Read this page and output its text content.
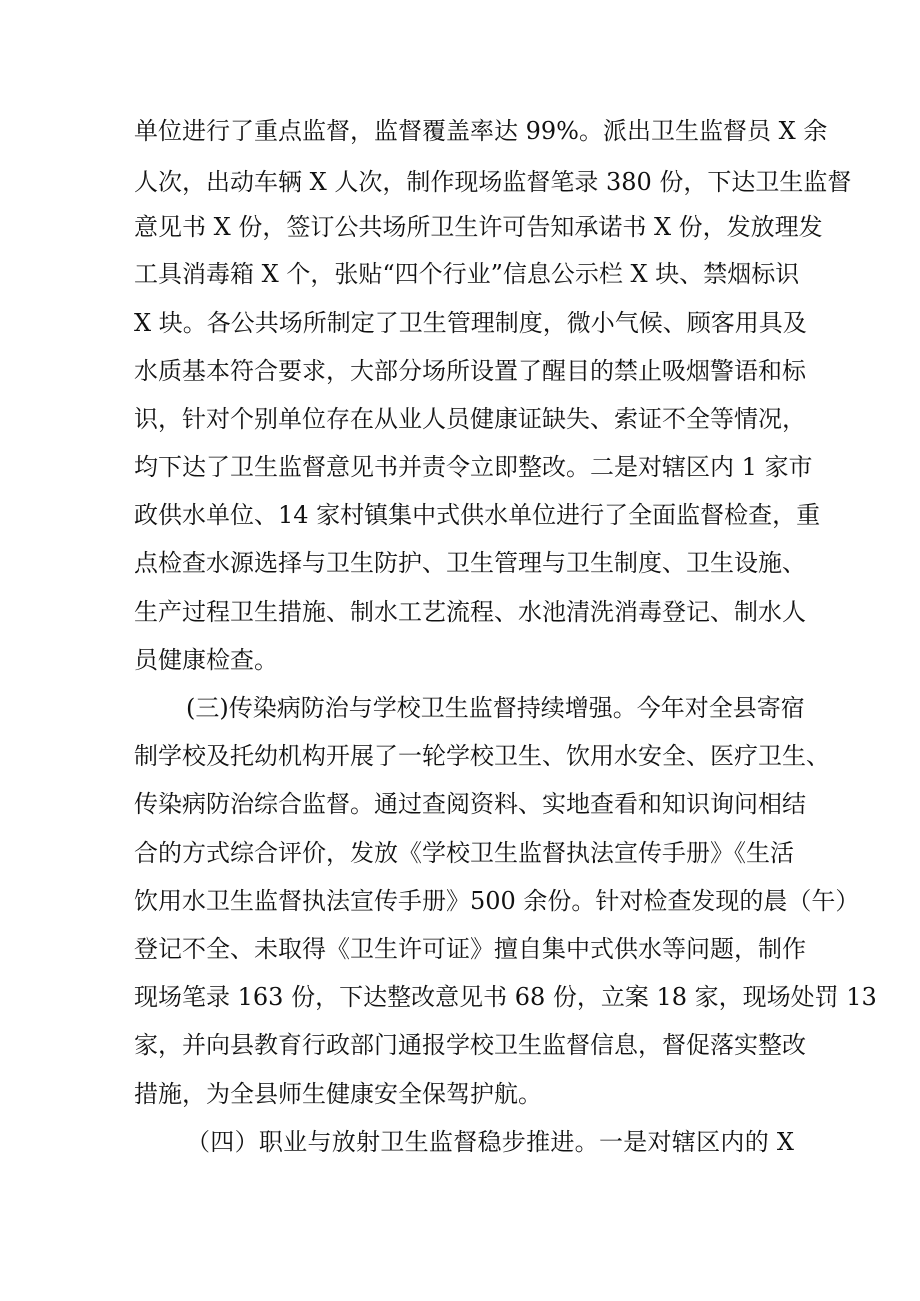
单位进行了重点监督，监督覆盖率达 99%。派出卫生监督员 X 余
人次，出动车辆 X 人次，制作现场监督笔录 380 份，下达卫生监督
意见书 X 份，签订公共场所卫生许可告知承诺书 X 份，发放理发
工具消毒箱 X 个，张贴“四个行业”信息公示栏 X 块、禁烟标识
X 块。各公共场所制定了卫生管理制度，微小气候、顾客用具及
水质基本符合要求，大部分场所设置了醒目的禁止吸烟警语和标
识，针对个别单位存在从业人员健康证缺失、索证不全等情况，
均下达了卫生监督意见书并责令立即整改。二是对辖区内 1 家市
政供水单位、14 家村镇集中式供水单位进行了全面监督检查，重
点检查水源选择与卫生防护、卫生管理与卫生制度、卫生设施、
生产过程卫生措施、制水工艺流程、水池清洗消毒登记、制水人
员健康检查。
(三)传染病防治与学校卫生监督持续增强。今年对全县寄宿
制学校及托幼机构开展了一轮学校卫生、饮用水安全、医疗卫生、
传染病防治综合监督。通过查阅资料、实地查看和知识询问相结
合的方式综合评价，发放《学校卫生监督执法宣传手册》《生活
饮用水卫生监督执法宣传手册》500 余份。针对检查发现的晨（午）
登记不全、未取得《卫生许可证》擅自集中式供水等问题，制作
现场笔录 163 份，下达整改意见书 68 份，立案 18 家，现场处罚 13
家，并向县教育行政部门通报学校卫生监督信息，督促落实整改
措施，为全县师生健康安全保驾护航。
（四）职业与放射卫生监督稳步推进。一是对辖区内的 X
